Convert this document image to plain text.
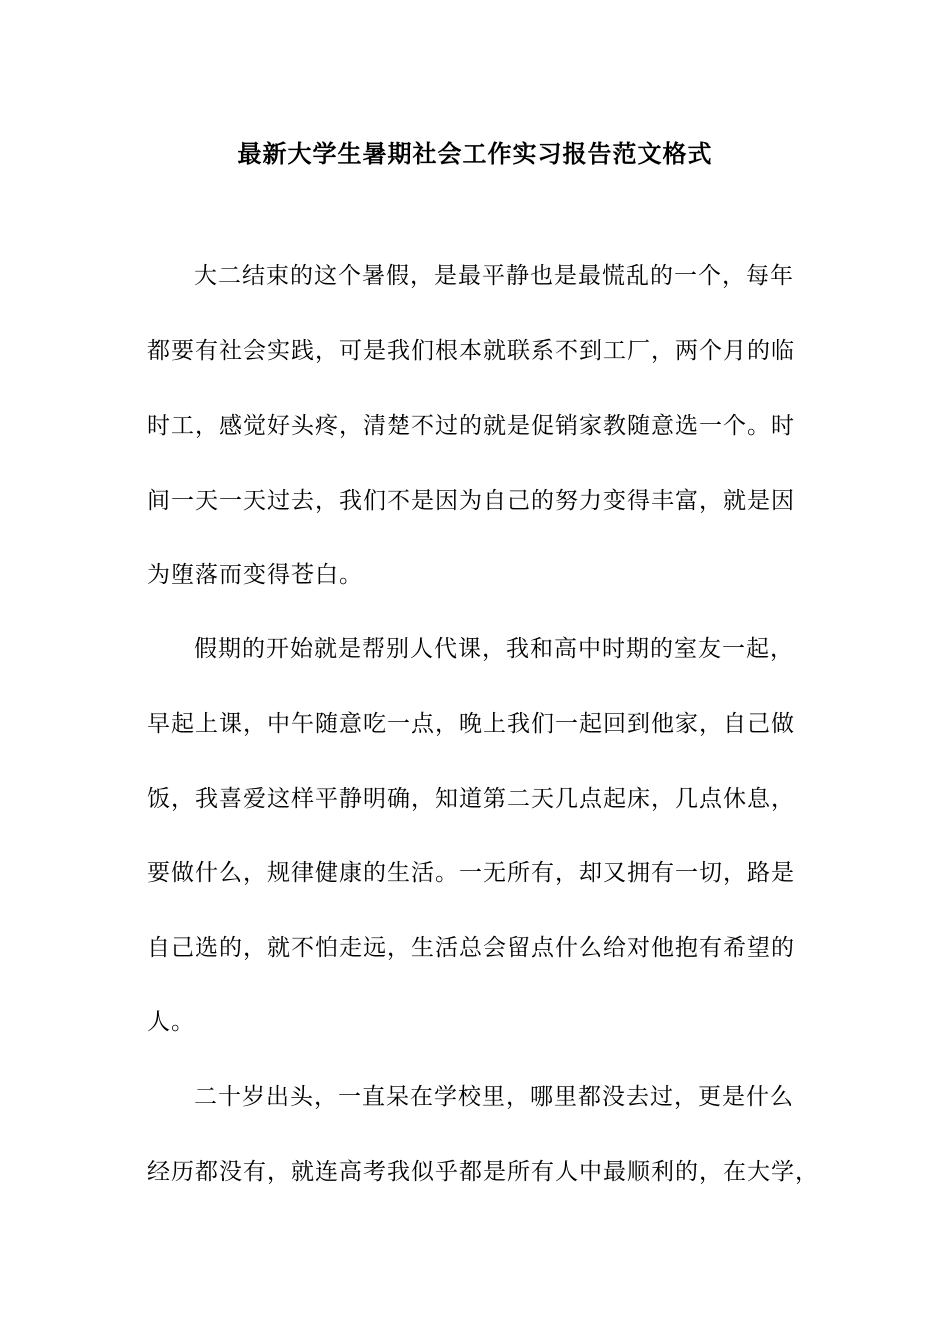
最新大学生暑期社会工作实习报告范文格式
大二结束的这个暑假，是最平静也是最慌乱的一个，每年
都要有社会实践，可是我们根本就联系不到工厂，两个月的临
时工，感觉好头疼，清楚不过的就是促销家教随意选一个。时
间一天一天过去，我们不是因为自己的努力变得丰富，就是因
为堕落而变得苍白。
假期的开始就是帮别人代课，我和高中时期的室友一起，
早起上课，中午随意吃一点，晚上我们一起回到他家，自己做
饭，我喜爱这样平静明确，知道第二天几点起床，几点休息，
要做什么，规律健康的生活。一无所有，却又拥有一切，路是
自己选的，就不怕走远，生活总会留点什么给对他抱有希望的
人。
二十岁出头，一直呆在学校里，哪里都没去过，更是什么
经历都没有，就连高考我似乎都是所有人中最顺利的，在大学，
